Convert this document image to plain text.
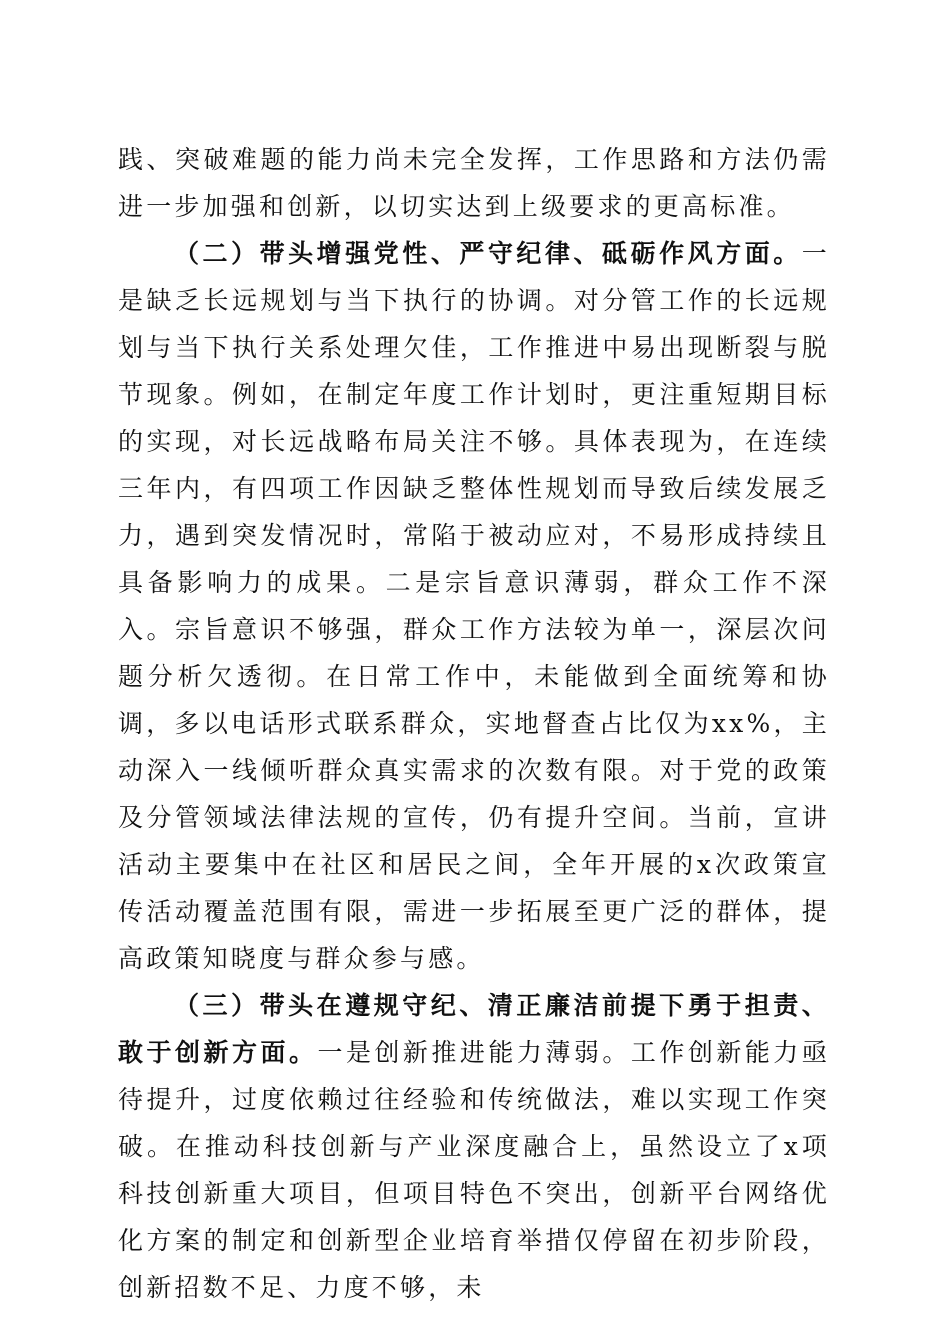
践、突破难题的能力尚未完全发挥，工作思路和方法仍需进一步加强和创新，以切实达到上级要求的更高标准。

（二）带头增强党性、严守纪律、砥砺作风方面。一是缺乏长远规划与当下执行的协调。对分管工作的长远规划与当下执行关系处理欠佳，工作推进中易出现断裂与脱节现象。例如，在制定年度工作计划时，更注重短期目标的实现，对长远战略布局关注不够。具体表现为，在连续三年内，有四项工作因缺乏整体性规划而导致后续发展乏力，遇到突发情况时，常陷于被动应对，不易形成持续且具备影响力的成果。二是宗旨意识薄弱，群众工作不深入。宗旨意识不够强，群众工作方法较为单一，深层次问题分析欠透彻。在日常工作中，未能做到全面统筹和协调，多以电话形式联系群众，实地督查占比仅为xx%，主动深入一线倾听群众真实需求的次数有限。对于党的政策及分管领域法律法规的宣传，仍有提升空间。当前，宣讲活动主要集中在社区和居民之间，全年开展的x次政策宣传活动覆盖范围有限，需进一步拓展至更广泛的群体，提高政策知晓度与群众参与感。

（三）带头在遵规守纪、清正廉洁前提下勇于担责、敢于创新方面。一是创新推进能力薄弱。工作创新能力亟待提升，过度依赖过往经验和传统做法，难以实现工作突破。在推动科技创新与产业深度融合上，虽然设立了x项科技创新重大项目，但项目特色不突出，创新平台网络优化方案的制定和创新型企业培育举措仅停留在初步阶段，创新招数不足、力度不够，未
